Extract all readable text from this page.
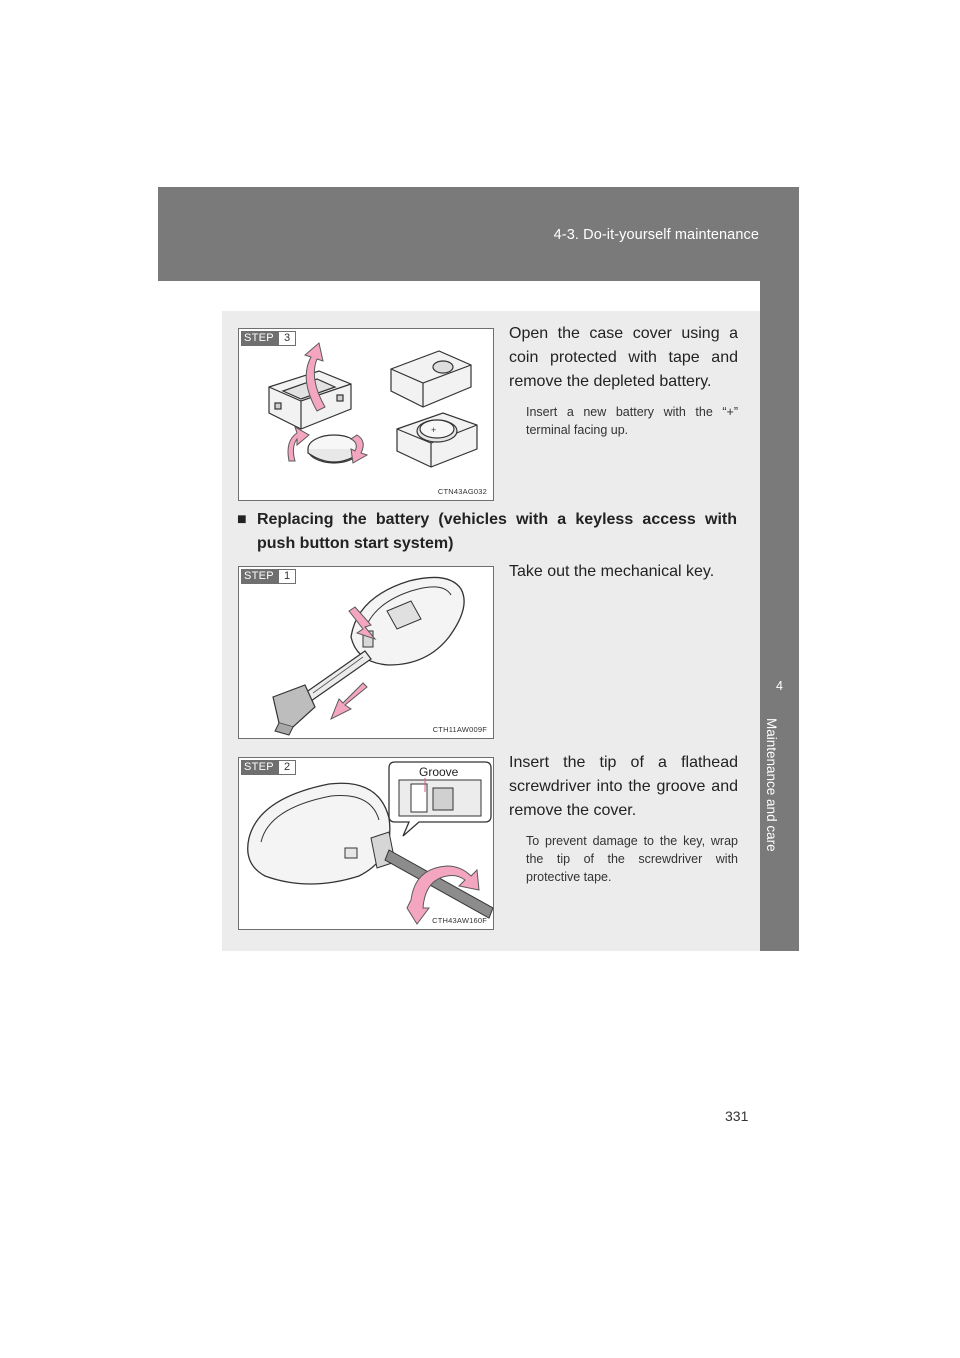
4-3. Do-it-yourself maintenance
4
Maintenance and care
+
STEP 3
CTN43AG032
Open the case cover using a coin protected with tape and remove the depleted battery.
Insert a new battery with the “+” terminal facing up.
■ Replacing the battery (vehicles with a keyless access with push button start system)
STEP 1
CTH11AW009F
Take out the mechanical key.
Groove
STEP 2
CTH43AW160F
Insert the tip of a flathead screwdriver into the groove and remove the cover.
To prevent damage to the key, wrap the tip of the screwdriver with protective tape.
331
